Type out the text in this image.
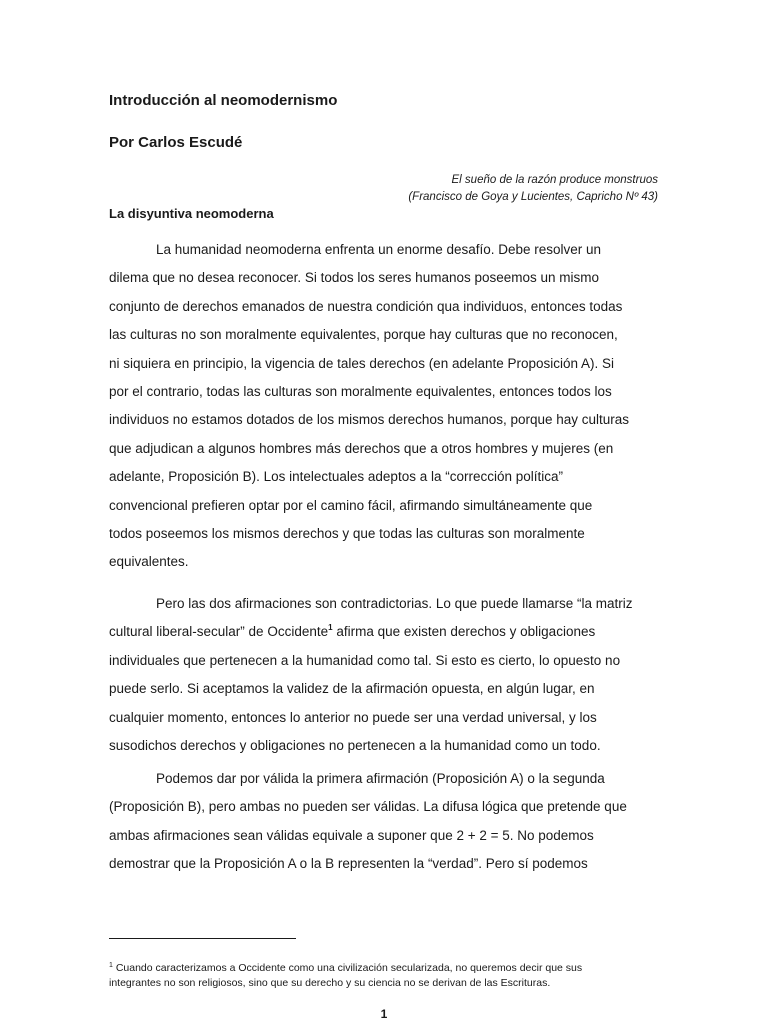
Introducción al neomodernismo
Por Carlos Escudé
El sueño de la razón produce monstruos
(Francisco de Goya y Lucientes, Capricho Nº 43)
La disyuntiva neomoderna

La humanidad neomoderna enfrenta un enorme desafío. Debe resolver un
dilema que no desea reconocer. Si todos los seres humanos poseemos un mismo
conjunto de derechos emanados de nuestra condición qua individuos, entonces todas
las culturas no son moralmente equivalentes, porque hay culturas que no reconocen,
ni siquiera en principio, la vigencia de tales derechos (en adelante Proposición A). Si
por el contrario, todas las culturas son moralmente equivalentes, entonces todos los
individuos no estamos dotados de los mismos derechos humanos, porque hay culturas
que adjudican a algunos hombres más derechos que a otros hombres y mujeres (en
adelante, Proposición B). Los intelectuales adeptos a la “corrección política”
convencional prefieren optar por el camino fácil, afirmando simultáneamente que
todos poseemos los mismos derechos y que todas las culturas son moralmente
equivalentes.

Pero las dos afirmaciones son contradictorias. Lo que puede llamarse “la matriz
cultural liberal-secular” de Occidente$^1$ afirma que existen derechos y obligaciones
individuales que pertenecen a la humanidad como tal. Si esto es cierto, lo opuesto no
puede serlo. Si aceptamos la validez de la afirmación opuesta, en algún lugar, en
cualquier momento, entonces lo anterior no puede ser una verdad universal, y los
susodichos derechos y obligaciones no pertenecen a la humanidad como un todo.

Podemos dar por válida la primera afirmación (Proposición A) o la segunda
(Proposición B), pero ambas no pueden ser válidas. La difusa lógica que pretende que
ambas afirmaciones sean válidas equivale a suponer que 2 + 2 = 5. No podemos
demostrar que la Proposición A o la B representen la “verdad”. Pero sí podemos

$^1$ Cuando caracterizamos a Occidente como una civilización secularizada, no queremos decir que sus
integrantes no son religiosos, sino que su derecho y su ciencia no se derivan de las Escrituras.

1
